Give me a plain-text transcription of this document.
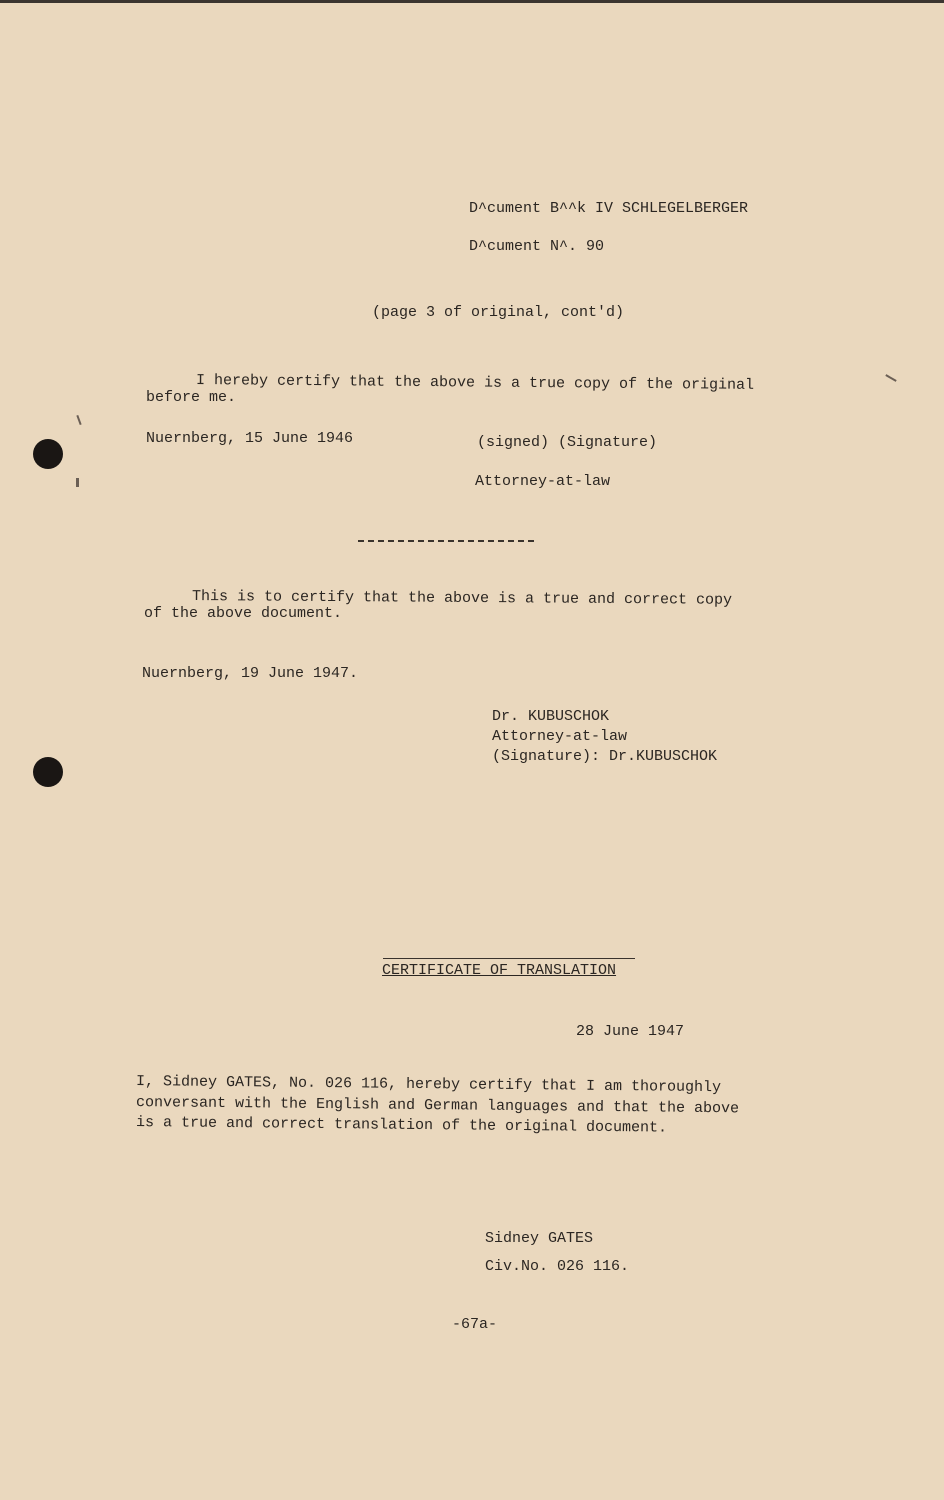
D^cument B^^k IV SCHLEGELBERGER
D^cument N^. 90
(page 3 of original, cont'd)
I hereby certify that the above is a true copy of the original
before me.
Nuernberg, 15 June 1946	(signed) (Signature)
Attorney-at-law
This is to certify that the above is a true and correct copy
of the above document.
Nuernberg, 19 June 1947.
Dr. KUBUSCHOK
Attorney-at-law
(Signature): Dr.KUBUSCHOK
CERTIFICATE OF TRANSLATION
28 June 1947
I, Sidney GATES, No. 026 116, hereby certify that I am thoroughly
conversant with the English and German languages and that the above
is a true and correct translation of the original document.
Sidney GATES
Civ.No. 026 116.
-67a-
